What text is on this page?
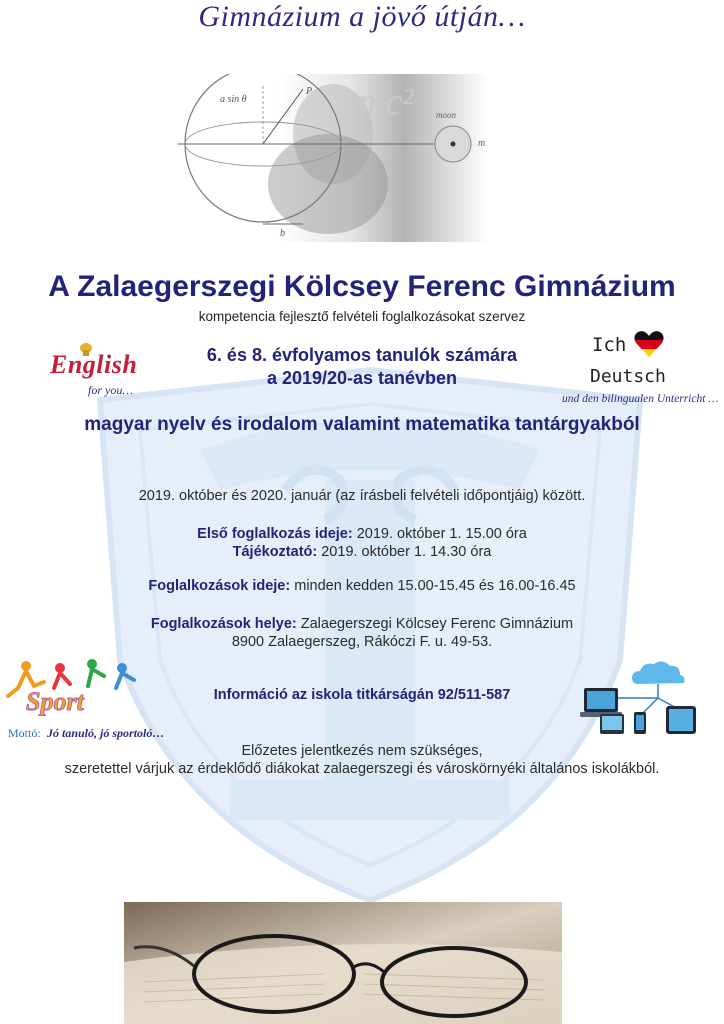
Gimnázium a jövő útján…
a sin θ
P mc² moon
m
b
A Zalaegerszegi Kölcsey Ferenc Gimnázium
kompetencia fejlesztő felvételi foglalkozásokat szervez
English
for you…
6. és 8. évfolyamos tanulók számára
a 2019/20-as tanévben
Ich
Deutsch
und den bilingualen Unterricht …
magyar nyelv és irodalom valamint matematika tantárgyakból
2019. október és 2020. január (az írásbeli felvételi időpontjáig) között.
Első foglalkozás ideje: 2019. október 1. 15.00 óra
Tájékoztató: 2019. október 1. 14.30 óra
Foglalkozások ideje: minden kedden 15.00-15.45 és 16.00-16.45
Foglalkozások helye: Zalaegerszegi Kölcsey Ferenc Gimnázium
8900 Zalaegerszeg, Rákóczi F. u. 49-53.
Információ az iskola titkárságán 92/511-587
Előzetes jelentkezés nem szükséges,
szeretettel várjuk az érdeklődő diákokat zalaegerszegi és városkörnyéki általános iskolákból.
Sport
Mottó: Jó tanuló, jó sportoló…
